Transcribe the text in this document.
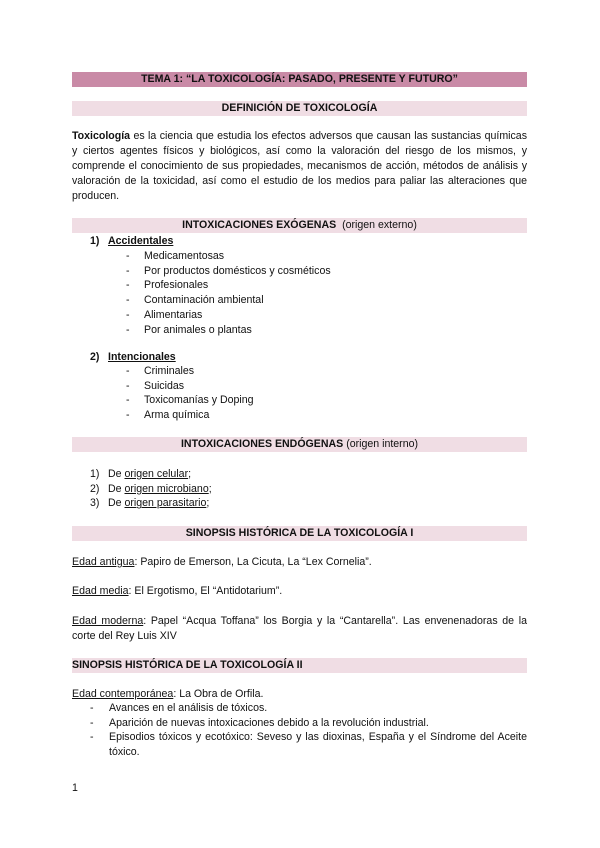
TEMA 1: “LA TOXICOLOGÍA: PASADO, PRESENTE Y FUTURO”
DEFINICIÓN DE TOXICOLOGÍA
Toxicología es la ciencia que estudia los efectos adversos que causan las sustancias químicas y ciertos agentes físicos y biológicos, así como la valoración del riesgo de los mismos, y comprende el conocimiento de sus propiedades, mecanismos de acción, métodos de análisis y valoración de la toxicidad, así como el estudio de los medios para paliar las alteraciones que producen.
INTOXICACIONES EXÓGENAS (origen externo)
1) Accidentales
-	Medicamentosas
-	Por productos domésticos y cosméticos
-	Profesionales
-	Contaminación ambiental
-	Alimentarias
-	Por animales o plantas
2) Intencionales
-	Criminales
-	Suicidas
-	Toxicomanías y Doping
-	Arma química
INTOXICACIONES ENDÓGENAS (origen interno)
1) De
origen celular ;
2) De
origen microbiano ;
3) De
origen parasitario ;
SINOPSIS HISTÓRICA DE LA TOXICOLOGÍA I
Edad antigua: Papiro de Emerson, La Cicuta, La “Lex Cornelia”.
Edad media: El Ergotismo, El “Antidotarium”.
Edad moderna: Papel “Acqua Toffana” los Borgia y la “Cantarella”. Las envenenadoras de la corte del Rey Luis XIV
SINOPSIS HISTÓRICA DE LA TOXICOLOGÍA II
Edad contemporánea: La Obra de Orfila.
-	Avances en el análisis de tóxicos.
-	Aparición de nuevas intoxicaciones debido a la revolución industrial.
-	Episodios tóxicos y ecotóxico: Seveso y las dioxinas, España y el Síndrome del Aceite tóxico.
1
